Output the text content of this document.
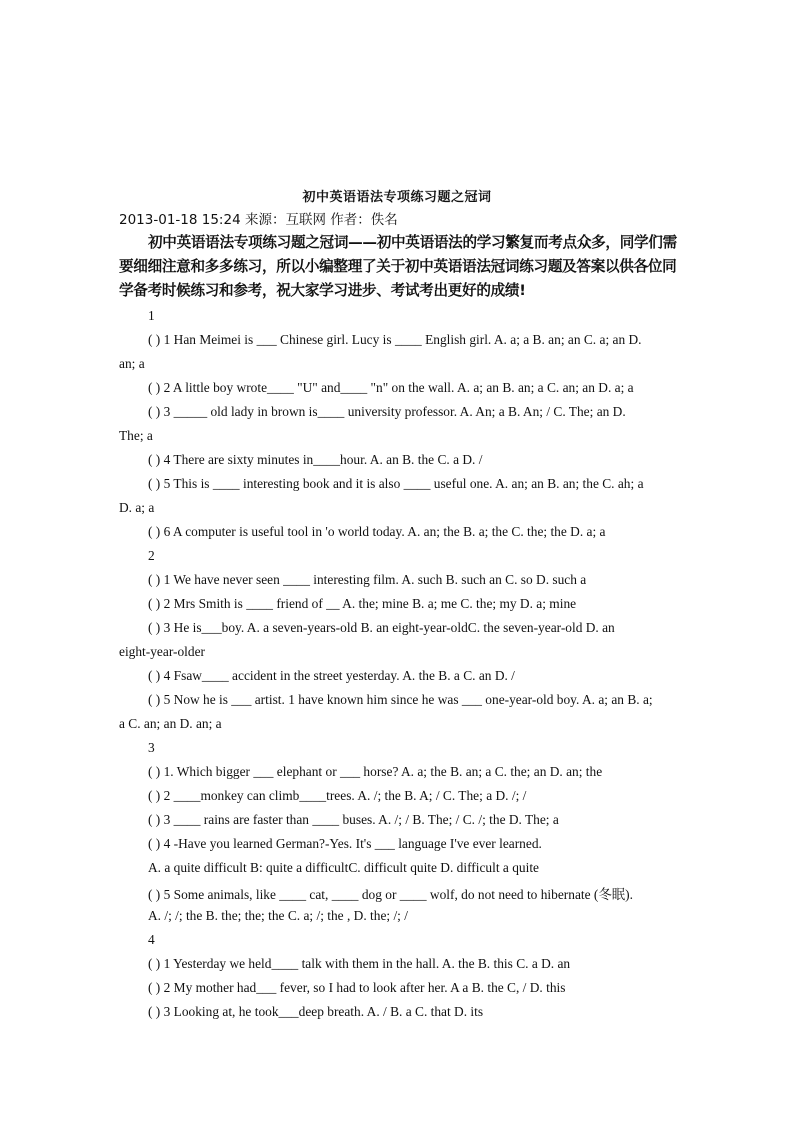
初中英语语法专项练习题之冠词
2013-01-18 15:24 来源：互联网 作者：佚名
初中英语语法专项练习题之冠词——初中英语语法的学习繁复而考点众多，同学们需要细细注意和多多练习，所以小编整理了关于初中英语语法冠词练习题及答案以供各位同学备考时候练习和参考，祝大家学习进步、考试考出更好的成绩!
1
( ) 1 Han Meimei is ___ Chinese girl. Lucy is ____ English girl. A. a; a B. an; an C. a; an D.
an; a
( ) 2 A little boy wrote____ "U" and____ "n" on the wall. A. a; an B. an; a C. an; an D. a; a
( ) 3 _____ old lady in brown is____ university professor. A. An; a B. An; / C. The; an D.
The; a
( ) 4 There are sixty minutes in____hour. A. an B. the C. a D. /
( ) 5 This is ____ interesting book and it is also ____ useful one. A. an; an B. an; the C. ah; a
D. a; a
( ) 6 A computer is useful tool in 'o world today. A. an; the B. a; the C. the; the D. a; a
2
( ) 1 We have never seen ____ interesting film. A. such B. such an C. so D. such a
( ) 2 Mrs Smith is ____ friend of __ A. the; mine B. a; me C. the; my D. a; mine
( ) 3 He is___boy. A. a seven-years-old B. an eight-year-oldC. the seven-year-old D. an
eight-year-older
( ) 4 Fsaw____ accident in the street yesterday. A. the B. a C. an D. /
( ) 5 Now he is ___ artist. 1 have known him since he was ___ one-year-old boy. A. a; an B. a;
a C. an; an D. an; a
3
( ) 1. Which bigger ___ elephant or ___ horse? A. a; the B. an; a C. the; an D. an; the
( ) 2 ____monkey can climb____trees. A. /; the B. A; / C. The; a D. /; /
( ) 3 ____ rains are faster than ____ buses. A. /; / B. The; / C. /; the D. The; a
( ) 4 -Have you learned German?-Yes. It's ___ language I've ever learned.
A. a quite difficult B: quite a difficultC. difficult quite D. difficult a quite
( ) 5 Some animals, like ____ cat, ____ dog or ____ wolf, do not need to hibernate (冬眠).
A. /; /; the B. the; the; the C. a; /; the , D. the; /; /
4
( ) 1 Yesterday we held____ talk with them in the hall. A. the B. this C. a D. an
( ) 2 My mother had___ fever, so I had to look after her. A a B. the C, / D. this
( ) 3 Looking at, he took___deep breath. A. / B. a C. that D. its
